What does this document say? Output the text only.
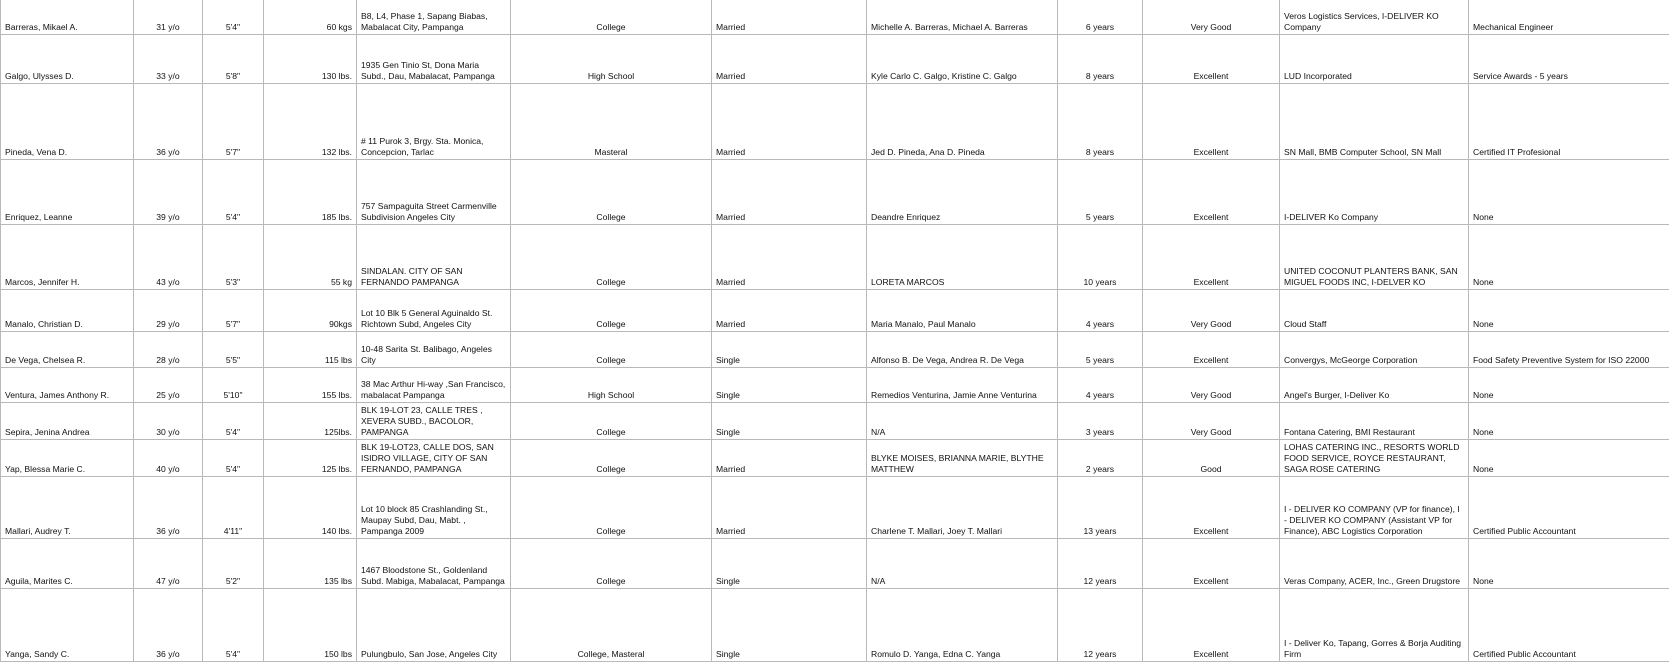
Barreras, Mikael A.	31 y/o	5'4"	60 kgs	B8, L4, Phase 1, Sapang Biabas, Mabalacat City, Pampanga	College	Married	Michelle A. Barreras, Michael A. Barreras	6 years	Very Good	Veros Logistics Services, I-DELIVER KO Company	Mechanical Engineer
Galgo, Ulysses D.	33 y/o	5'8"	130 lbs.	1935 Gen Tinio St, Dona Maria Subd., Dau, Mabalacat, Pampanga	High School	Married	Kyle Carlo C. Galgo, Kristine C. Galgo	8 years	Excellent	LUD Incorporated	Service Awards - 5 years
Pineda, Vena D.	36 y/o	5'7"	132 lbs.	# 11 Purok 3, Brgy. Sta. Monica, Concepcion, Tarlac	Masteral	Married	Jed D. Pineda, Ana D. Pineda	8 years	Excellent	SN Mall, BMB Computer School, SN Mall	Certified IT Profesional
Enriquez, Leanne	39 y/o	5'4"	185 lbs.	757 Sampaguita Street Carmenville Subdivision Angeles City	College	Married	Deandre Enriquez	5 years	Excellent	I-DELIVER Ko Company	None
Marcos, Jennifer H.	43 y/o	5'3"	55 kg	SINDALAN. CITY OF SAN FERNANDO PAMPANGA	College	Married	LORETA MARCOS	10 years	Excellent	UNITED COCONUT PLANTERS BANK, SAN MIGUEL FOODS INC, I-DELVER KO	None
Manalo, Christian D.	29 y/o	5'7"	90kgs	Lot 10 Blk 5 General Aguinaldo St. Richtown Subd, Angeles City	College	Married	Maria Manalo, Paul Manalo	4 years	Very Good	Cloud Staff	None
De Vega, Chelsea R.	28 y/o	5'5"	115 lbs	10-48 Sarita St. Balibago, Angeles City	College	Single	Alfonso B. De Vega, Andrea R. De Vega	5 years	Excellent	Convergys, McGeorge Corporation	Food Safety Preventive System for ISO 22000
Ventura, James Anthony R.	25 y/o	5'10"	155 lbs.	38 Mac Arthur Hi-way ,San Francisco, mabalacat Pampanga	High School	Single	Remedios Venturina, Jamie Anne Venturina	4 years	Very Good	Angel's Burger, I-Deliver Ko	None
Sepira, Jenina Andrea	30 y/o	5'4"	125lbs.	BLK 19-LOT 23, CALLE TRES , XEVERA SUBD., BACOLOR, PAMPANGA	College	Single	N/A	3 years	Very Good	Fontana Catering, BMI Restaurant	None
Yap, Blessa Marie C.	40 y/o	5'4"	125 lbs.	BLK 19-LOT23, CALLE DOS, SAN ISIDRO VILLAGE, CITY OF SAN FERNANDO, PAMPANGA	College	Married	BLYKE MOISES, BRIANNA MARIE, BLYTHE MATTHEW	2 years	Good	LOHAS CATERING INC., RESORTS WORLD FOOD SERVICE, ROYCE RESTAURANT, SAGA ROSE CATERING	None
Mallari, Audrey T.	36 y/o	4'11"	140 lbs.	Lot 10 block 85 Crashlanding St., Maupay Subd, Dau, Mabt. , Pampanga 2009	College	Married	Charlene T. Mallari, Joey T. Mallari	13 years	Excellent	I - DELIVER KO COMPANY (VP for finance), I - DELIVER KO COMPANY (Assistant VP for Finance), ABC Logistics Corporation	Certified Public Accountant
Aguila, Marites C.	47 y/o	5'2"	135 lbs	1467 Bloodstone St., Goldenland Subd. Mabiga, Mabalacat, Pampanga	College	Single	N/A	12 years	Excellent	Veras Company, ACER, Inc., Green Drugstore	None
Yanga, Sandy C.	36 y/o	5'4"	150 lbs	Pulungbulo, San Jose, Angeles City	College, Masteral	Single	Romulo D. Yanga, Edna C. Yanga	12 years	Excellent	I - Deliver Ko, Tapang, Gorres & Borja Auditing Firm	Certified Public Accountant
